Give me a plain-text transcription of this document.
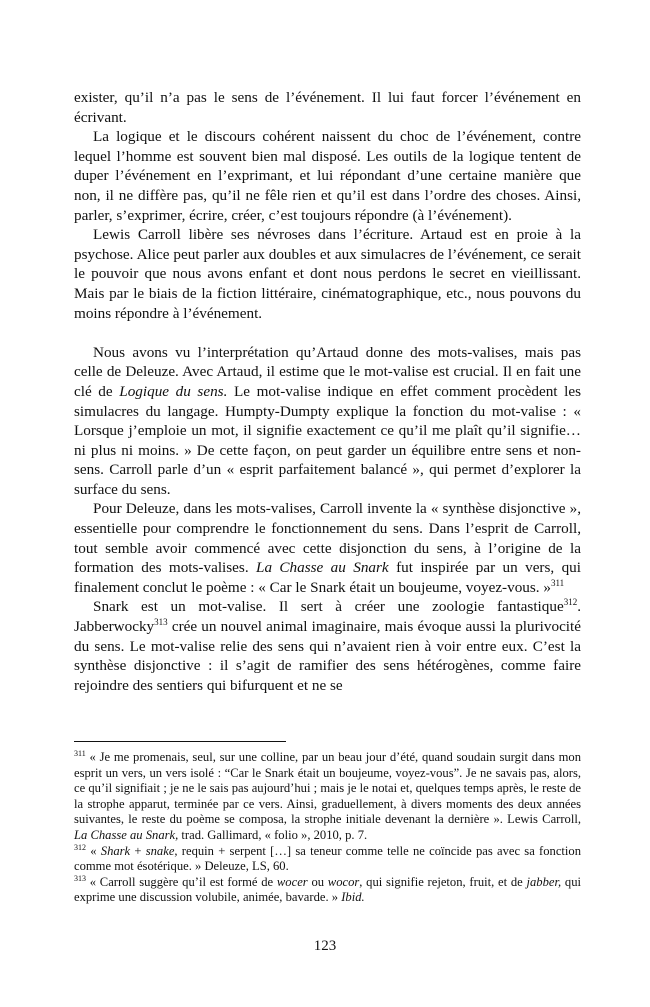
exister, qu’il n’a pas le sens de l’événement. Il lui faut forcer l’événement en écrivant.

La logique et le discours cohérent naissent du choc de l’événement, contre lequel l’homme est souvent bien mal disposé. Les outils de la logique tentent de duper l’événement en l’exprimant, et lui répondant d’une certaine manière que non, il ne diffère pas, qu’il ne fêle rien et qu’il est dans l’ordre des choses. Ainsi, parler, s’exprimer, écrire, créer, c’est toujours répondre (à l’événement).

Lewis Carroll libère ses névroses dans l’écriture. Artaud est en proie à la psychose. Alice peut parler aux doubles et aux simulacres de l’événement, ce serait le pouvoir que nous avons enfant et dont nous perdons le secret en vieillissant. Mais par le biais de la fiction littéraire, cinématographique, etc., nous pouvons du moins répondre à l’événement.

Nous avons vu l’interprétation qu’Artaud donne des mots-valises, mais pas celle de Deleuze. Avec Artaud, il estime que le mot-valise est crucial. Il en fait une clé de Logique du sens. Le mot-valise indique en effet comment procèdent les simulacres du langage. Humpty-Dumpty explique la fonction du mot-valise : « Lorsque j’emploie un mot, il signifie exactement ce qu’il me plaît qu’il signifie… ni plus ni moins. » De cette façon, on peut garder un équilibre entre sens et non-sens. Carroll parle d’un « esprit parfaitement balancé », qui permet d’explorer la surface du sens.

Pour Deleuze, dans les mots-valises, Carroll invente la « synthèse disjonctive », essentielle pour comprendre le fonctionnement du sens. Dans l’esprit de Carroll, tout semble avoir commencé avec cette disjonction du sens, à l’origine de la formation des mots-valises. La Chasse au Snark fut inspirée par un vers, qui finalement conclut le poème : « Car le Snark était un boujeume, voyez-vous. »$^{311}$

Snark est un mot-valise. Il sert à créer une zoologie fantastique$^{312}$. Jabberwocky$^{313}$ crée un nouvel animal imaginaire, mais évoque aussi la plurivocité du sens. Le mot-valise relie des sens qui n’avaient rien à voir entre eux. C’est la synthèse disjonctive : il s’agit de ramifier des sens hétérogènes, comme faire rejoindre des sentiers qui bifurquent et ne se

$^{311}$ « Je me promenais, seul, sur une colline, par un beau jour d’été, quand soudain surgit dans mon esprit un vers, un vers isolé : “Car le Snark était un boujeume, voyez-vous”. Je ne savais pas, alors, ce qu’il signifiait ; je ne le sais pas aujourd’hui ; mais je le notai et, quelques temps après, le reste de la strophe apparut, terminée par ce vers. Ainsi, graduellement, à divers moments des deux années suivantes, le reste du poème se composa, la strophe initiale devenant la dernière ». Lewis Carroll, La Chasse au Snark, trad. Gallimard, « folio », 2010, p. 7.

$^{312}$ « Shark + snake, requin + serpent […] sa teneur comme telle ne coïncide pas avec sa fonction comme mot ésotérique. » Deleuze, LS, 60.

$^{313}$ « Carroll suggère qu’il est formé de wocer ou wocor, qui signifie rejeton, fruit, et de jabber, qui exprime une discussion volubile, animée, bavarde. » Ibid.

123
